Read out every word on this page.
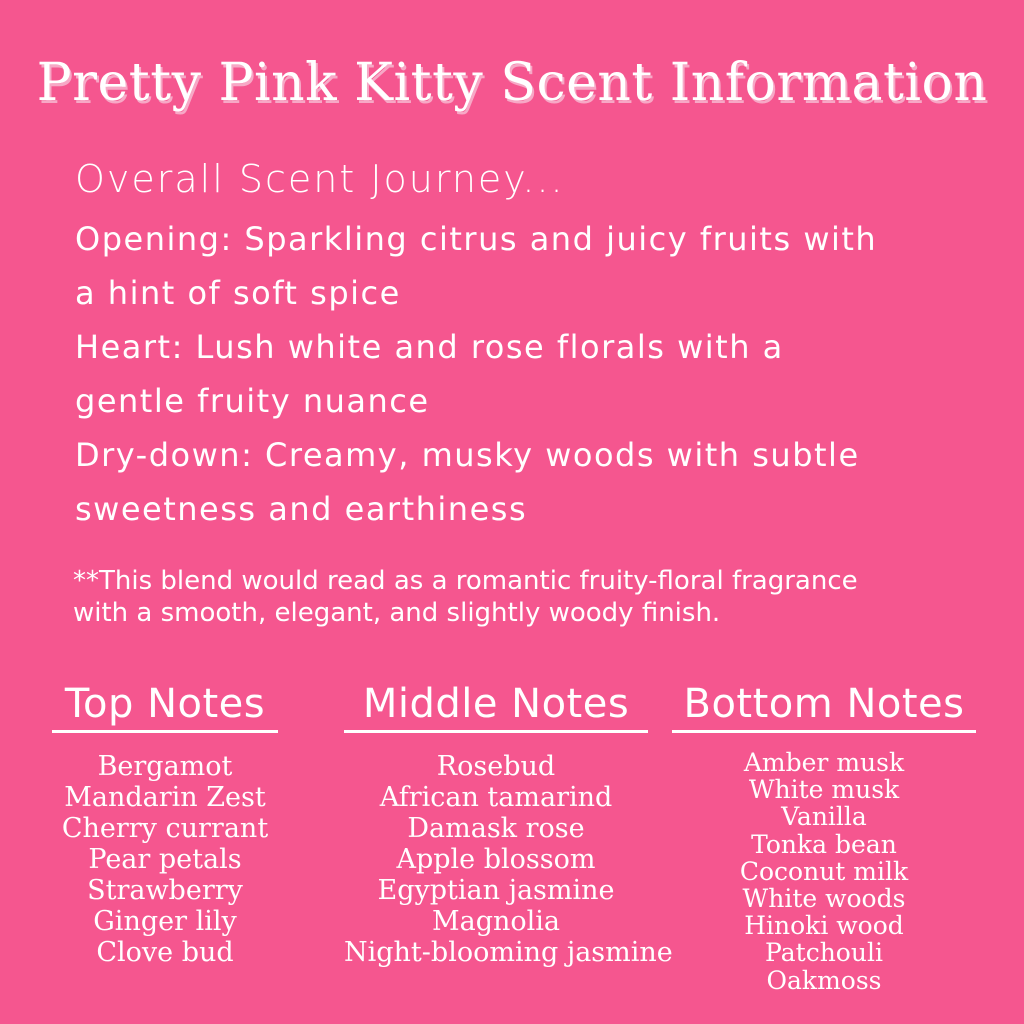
Pretty Pink Kitty Scent Information
Overall Scent Journey...
Opening: Sparkling citrus and juicy fruits with
a hint of soft spice
Heart: Lush white and rose florals with a
gentle fruity nuance
Dry-down: Creamy, musky woods with subtle
sweetness and earthiness
**This blend would read as a romantic fruity-floral fragrance
with a smooth, elegant, and slightly woody finish.
Top Notes
Bergamot
Mandarin Zest
Cherry currant
Pear petals
Strawberry
Ginger lily
Clove bud
Middle Notes
Rosebud
African tamarind
Damask rose
Apple blossom
Egyptian jasmine
Magnolia
Night-blooming jasmine
Bottom Notes
Amber musk
White musk
Vanilla
Tonka bean
Coconut milk
White woods
Hinoki wood
Patchouli
Oakmoss
